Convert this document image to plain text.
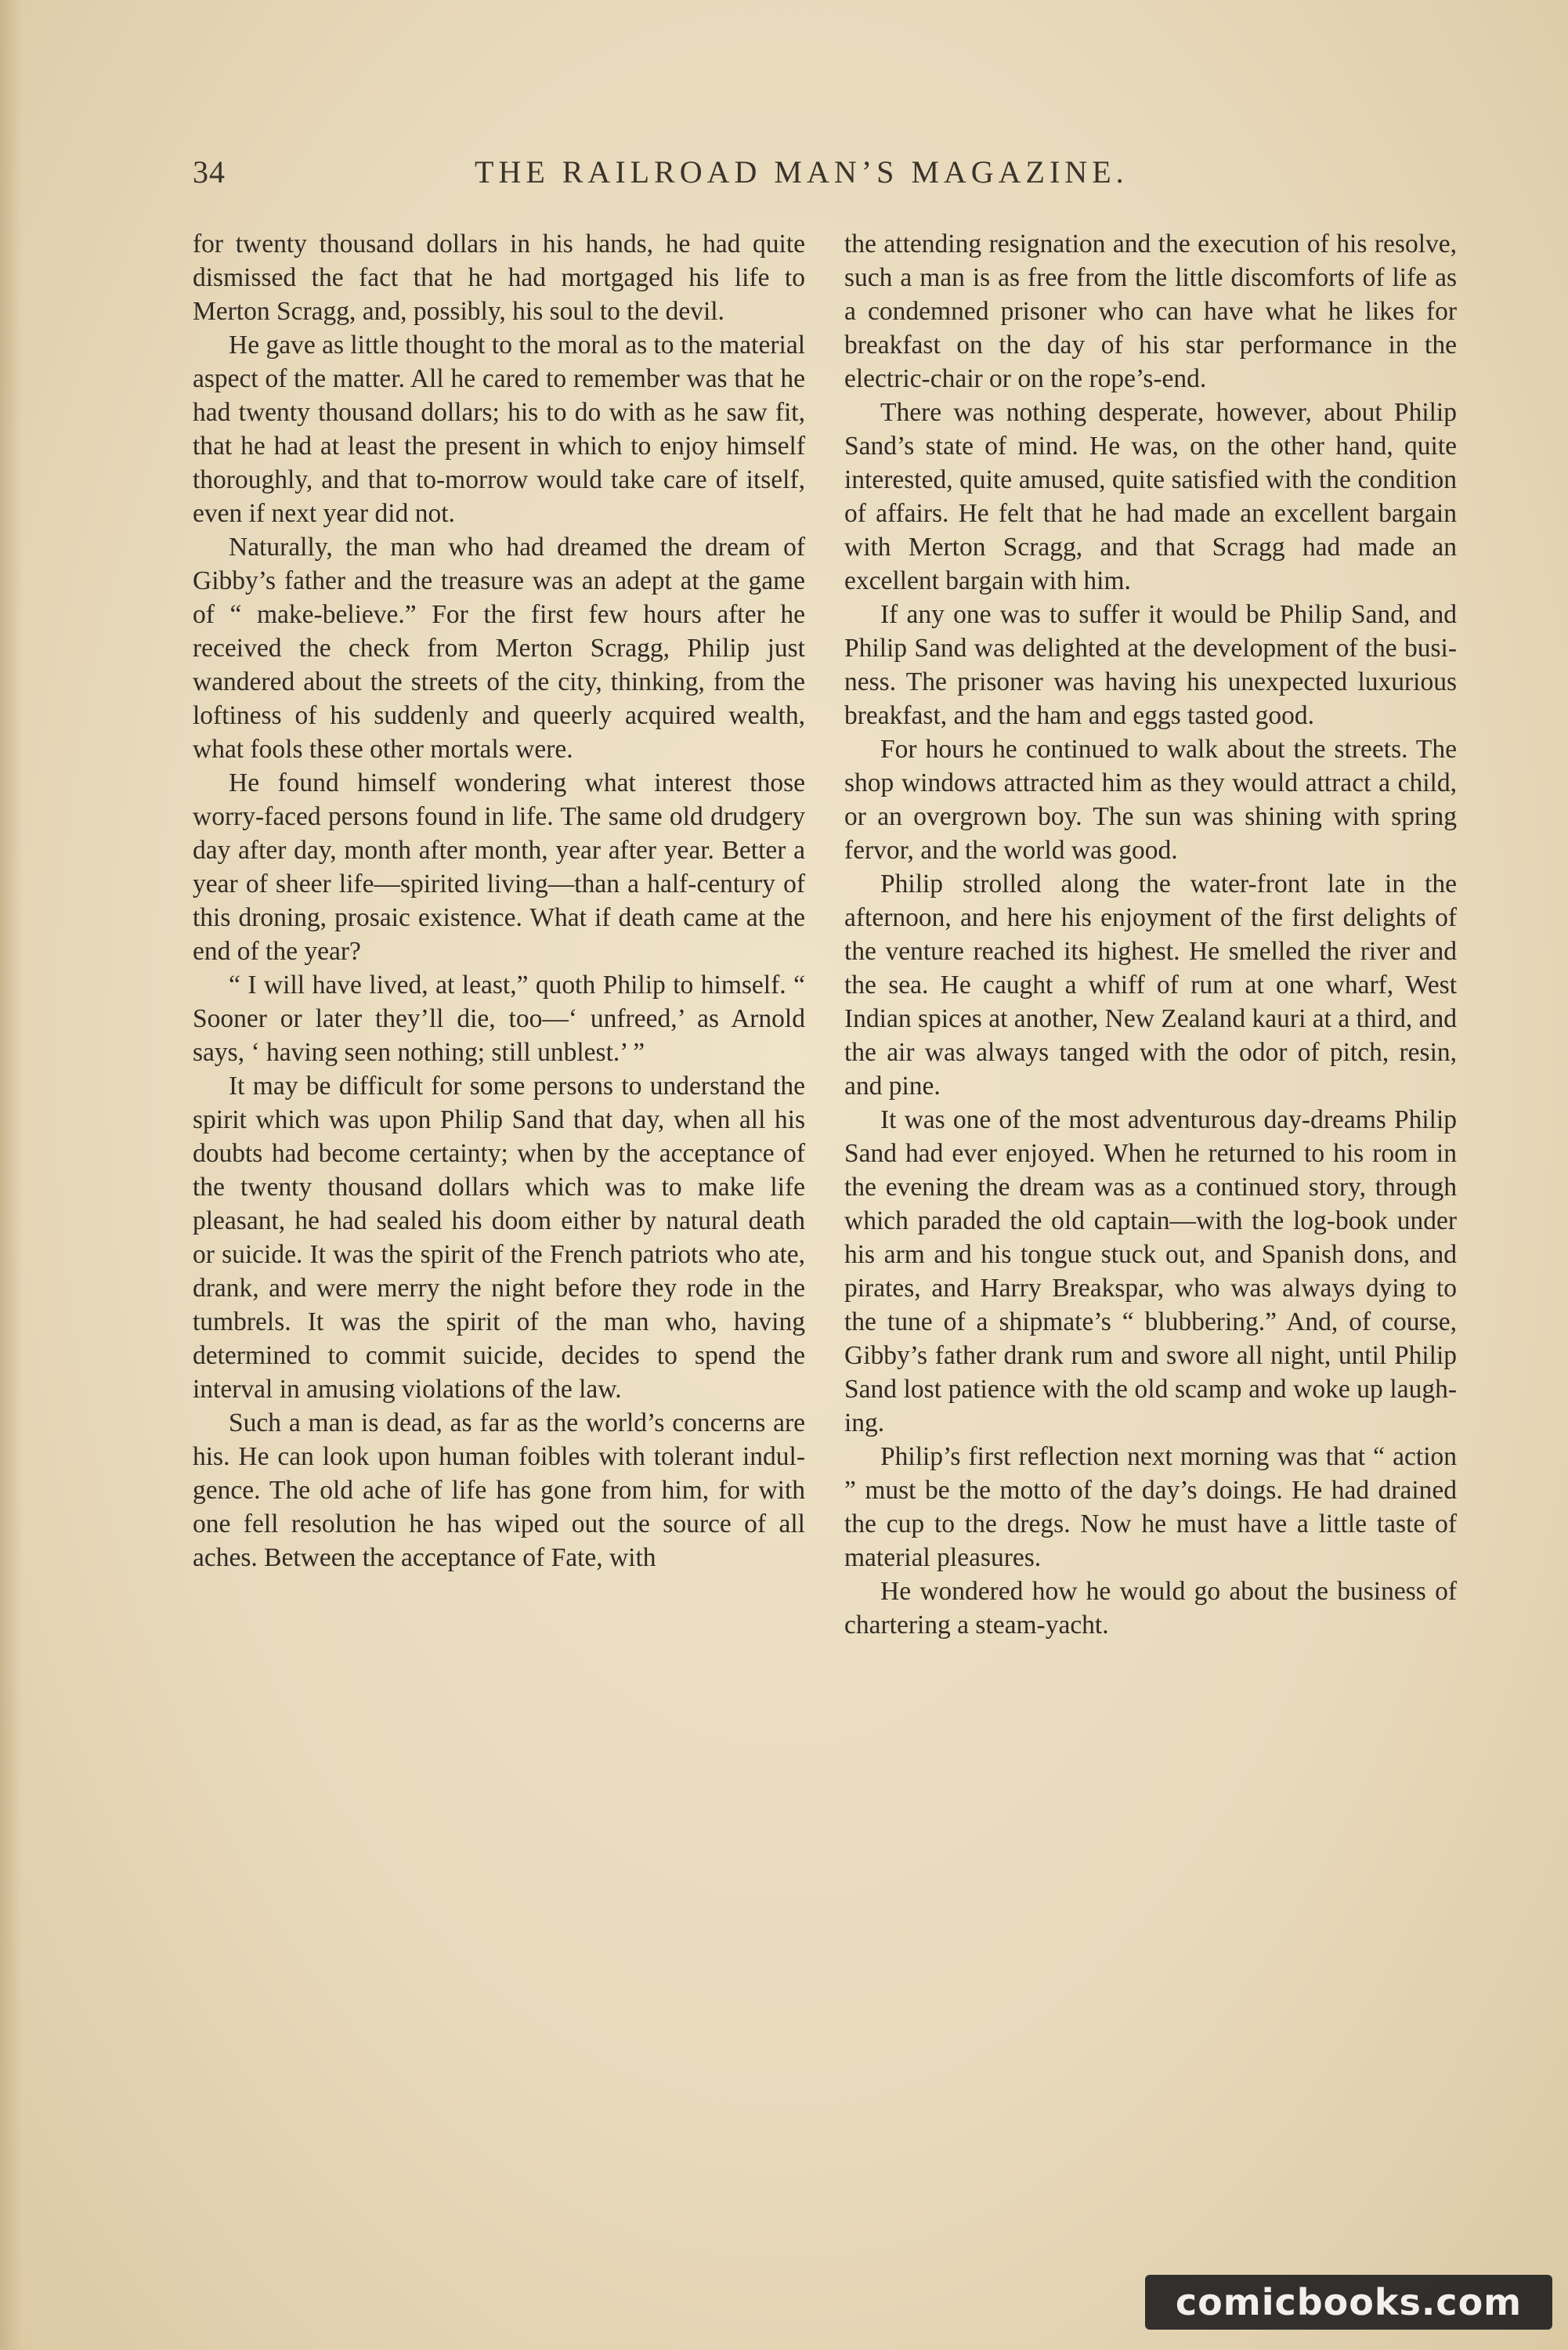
34	THE RAILROAD MAN’S MAGAZINE.

for twenty thousand dollars in his hands, he had quite dismissed the fact that he had mortgaged his life to Merton Scragg, and, possibly, his soul to the devil.

He gave as little thought to the moral as to the material aspect of the matter. All he cared to remember was that he had twenty thousand dollars; his to do with as he saw fit, that he had at least the present in which to enjoy himself thoroughly, and that to-morrow would take care of itself, even if next year did not.

Naturally, the man who had dreamed the dream of Gibby’s father and the treasure was an adept at the game of “ make-believe.” For the first few hours after he received the check from Merton Scragg, Philip just wandered about the streets of the city, thinking, from the loftiness of his suddenly and queerly acquired wealth, what fools these other mortals were.

He found himself wondering what interest those worry-faced persons found in life. The same old drudgery day after day, month after month, year after year. Better a year of sheer life—spirited living—than a half-century of this droning, prosaic existence. What if death came at the end of the year?

“ I will have lived, at least,” quoth Philip to himself. “ Sooner or later they’ll die, too—‘ unfreed,’ as Arnold says, ‘ having seen nothing; still unblest.’ ”

It may be difficult for some persons to understand the spirit which was upon Philip Sand that day, when all his doubts had become certainty; when by the acceptance of the twenty thousand dollars which was to make life pleasant, he had sealed his doom either by natural death or suicide. It was the spirit of the French patriots who ate, drank, and were merry the night before they rode in the tumbrels. It was the spirit of the man who, having determined to commit suicide, decides to spend the interval in amusing violations of the law.

Such a man is dead, as far as the world’s concerns are his. He can look upon human foibles with tolerant indulgence. The old ache of life has gone from him, for with one fell resolution he has wiped out the source of all aches. Between the acceptance of Fate, with

the attending resignation and the execution of his resolve, such a man is as free from the little discomforts of life as a condemned prisoner who can have what he likes for breakfast on the day of his star performance in the electric-chair or on the rope’s-end.

There was nothing desperate, however, about Philip Sand’s state of mind. He was, on the other hand, quite interested, quite amused, quite satisfied with the condition of affairs. He felt that he had made an excellent bargain with Merton Scragg, and that Scragg had made an excellent bargain with him.

If any one was to suffer it would be Philip Sand, and Philip Sand was delighted at the development of the business. The prisoner was having his unexpected luxurious breakfast, and the ham and eggs tasted good.

For hours he continued to walk about the streets. The shop windows attracted him as they would attract a child, or an overgrown boy. The sun was shining with spring fervor, and the world was good.

Philip strolled along the water-front late in the afternoon, and here his enjoyment of the first delights of the venture reached its highest. He smelled the river and the sea. He caught a whiff of rum at one wharf, West Indian spices at another, New Zealand kauri at a third, and the air was always tanged with the odor of pitch, resin, and pine.

It was one of the most adventurous day-dreams Philip Sand had ever enjoyed. When he returned to his room in the evening the dream was as a continued story, through which paraded the old captain—with the log-book under his arm and his tongue stuck out, and Spanish dons, and pirates, and Harry Breakspar, who was always dying to the tune of a shipmate’s “ blubbering.” And, of course, Gibby’s father drank rum and swore all night, until Philip Sand lost patience with the old scamp and woke up laughing.

Philip’s first reflection next morning was that “ action ” must be the motto of the day’s doings. He had drained the cup to the dregs. Now he must have a little taste of material pleasures.

He wondered how he would go about the business of chartering a steam-yacht.

comicbooks.com
